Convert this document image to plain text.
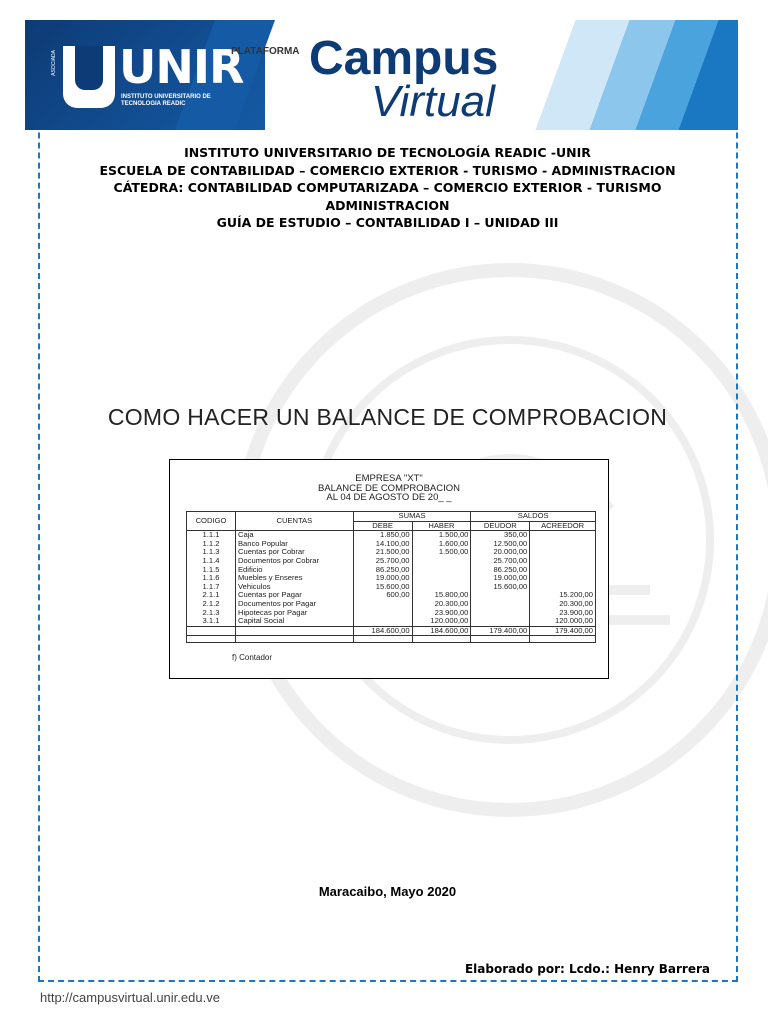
ASOCIADA UNIR
INSTITUTO UNIVERSITARIO DE TECNOLOGIA READIC
PLATAFORMA Campus
Virtual
INSTITUTO UNIVERSITARIO DE TECNOLOGÍA READIC -UNIR
ESCUELA DE CONTABILIDAD – COMERCIO EXTERIOR - TURISMO - ADMINISTRACION
CÁTEDRA: CONTABILIDAD COMPUTARIZADA – COMERCIO EXTERIOR - TURISMO
ADMINISTRACION
GUÍA DE ESTUDIO – CONTABILIDAD I – UNIDAD III
COMO HACER UN BALANCE DE COMPROBACION
EMPRESA "XT"
BALANCE DE COMPROBACION
AL 04 DE AGOSTO DE 20_ _
CODIGO	CUENTAS	SUMAS		SALDOS	
		DEBE	HABER	DEUDOR	ACREEDOR
1.1.1	Caja	1.850,00	1.500,00	350,00	
1.1.2	Banco Popular	14.100,00	1.600,00	12.500,00	
1.1.3	Cuentas por Cobrar	21.500,00	1.500,00	20.000,00	
1.1.4	Documentos por Cobrar	25.700,00		25.700,00	
1.1.5	Edificio	86.250,00		86.250,00	
1.1.6	Muebles y Enseres	19.000,00		19.000,00	
1.1.7	Vehiculos	15.600,00		15.600,00	
2.1.1	Cuentas por Pagar	600,00	15.800,00		15.200,00
2.1.2	Documentos por Pagar		20.300,00		20.300,00
2.1.3	Hipotecas por Pagar		23.900,00		23.900,00
3.1.1	Capital Social		120.000,00		120.000,00
		184.600,00	184.600,00	179.400,00	179.400,00

f) Contador
Maracaibo, Mayo 2020
Elaborado por: Lcdo.: Henry Barrera
http://campusvirtual.unir.edu.ve
